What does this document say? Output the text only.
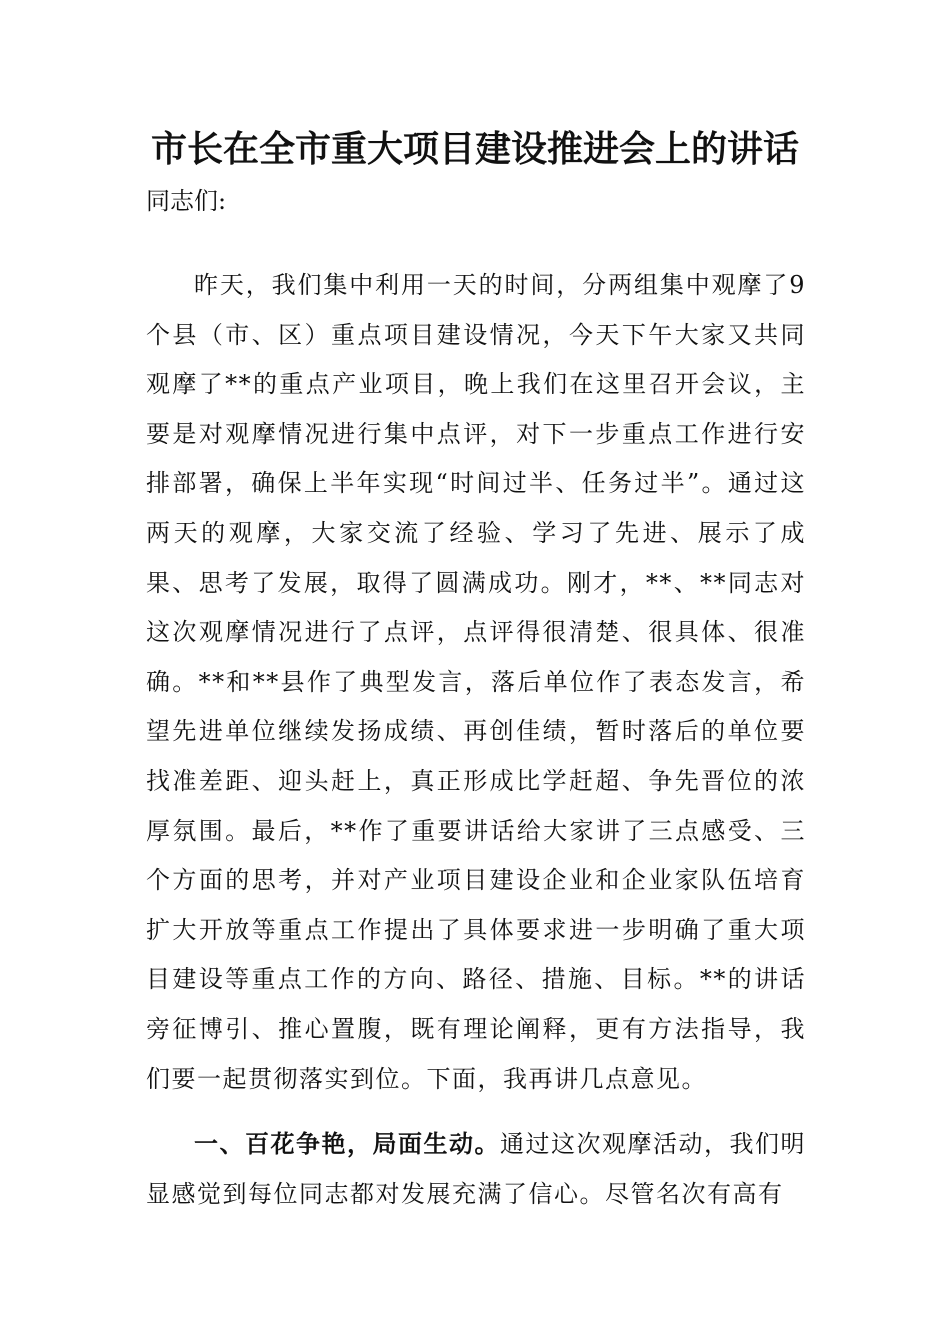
市长在全市重大项目建设推进会上的讲话

同志们:

昨天，我们集中利用一天的时间，分两组集中观摩了9个县（市、区）重点项目建设情况，今天下午大家又共同观摩了**的重点产业项目，晚上我们在这里召开会议，主要是对观摩情况进行集中点评，对下一步重点工作进行安排部署，确保上半年实现“时间过半、任务过半”。通过这两天的观摩，大家交流了经验、学习了先进、展示了成果、思考了发展，取得了圆满成功。刚才，**、**同志对这次观摩情况进行了点评，点评得很清楚、很具体、很准确。**和**县作了典型发言，落后单位作了表态发言，希望先进单位继续发扬成绩、再创佳绩，暂时落后的单位要找准差距、迎头赶上，真正形成比学赶超、争先晋位的浓厚氛围。最后，**作了重要讲话给大家讲了三点感受、三个方面的思考，并对产业项目建设企业和企业家队伍培育扩大开放等重点工作提出了具体要求进一步明确了重大项目建设等重点工作的方向、路径、措施、目标。**的讲话旁征博引、推心置腹，既有理论阐释，更有方法指导，我们要一起贯彻落实到位。下面，我再讲几点意见。

一、百花争艳，局面生动。通过这次观摩活动，我们明显感觉到每位同志都对发展充满了信心。尽管名次有高有
